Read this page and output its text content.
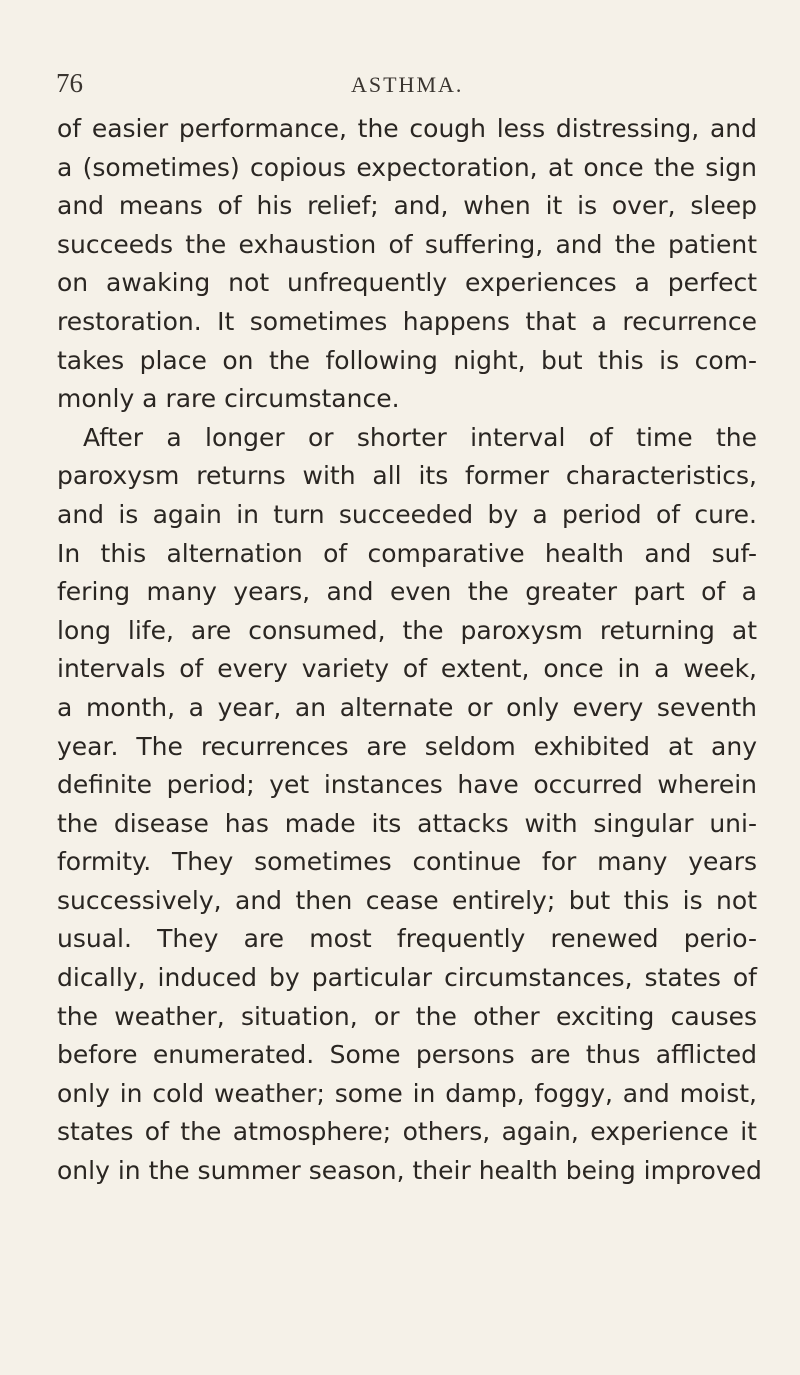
76	ASTHMA.
of easier performance, the cough less distressing, and
a (sometimes) copious expectoration, at once the sign
and means of his relief; and, when it is over, sleep
succeeds the exhaustion of suffering, and the patient
on awaking not unfrequently experiences a perfect
restoration. It sometimes happens that a recurrence
takes place on the following night, but this is com-
monly a rare circumstance.
After a longer or shorter interval of time the
paroxysm returns with all its former characteristics,
and is again in turn succeeded by a period of cure.
In this alternation of comparative health and suf-
fering many years, and even the greater part of a
long life, are consumed, the paroxysm returning at
intervals of every variety of extent, once in a week,
a month, a year, an alternate or only every seventh
year. The recurrences are seldom exhibited at any
definite period; yet instances have occurred wherein
the disease has made its attacks with singular uni-
formity. They sometimes continue for many years
successively, and then cease entirely; but this is not
usual. They are most frequently renewed perio-
dically, induced by particular circumstances, states of
the weather, situation, or the other exciting causes
before enumerated. Some persons are thus afflicted
only in cold weather; some in damp, foggy, and moist,
states of the atmosphere; others, again, experience it
only in the summer season, their health being improved
